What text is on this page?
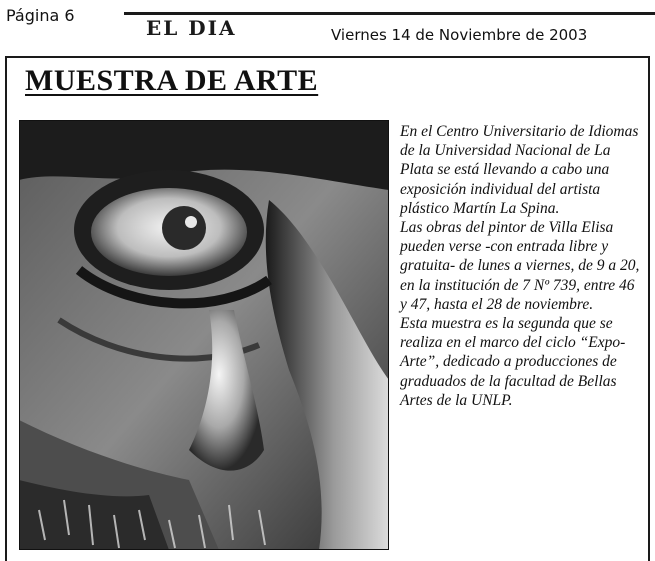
Página 6
EL DIA	Viernes 14 de Noviembre de 2003
MUESTRA DE ARTE

En el Centro Universitario de Idiomas de la Universidad Nacional de La Plata se está llevando a cabo una exposición individual del artista plástico Martín La Spina.

Las obras del pintor de Villa Elisa pueden verse -con entrada libre y gratuita- de lunes a viernes, de 9 a 20, en la institución de 7 Nº 739, entre 46 y 47, hasta el 28 de noviembre.

Esta muestra es la segunda que se realiza en el marco del ciclo “Expo-Arte”, dedicado a producciones de graduados de la facultad de Bellas Artes de la UNLP.
